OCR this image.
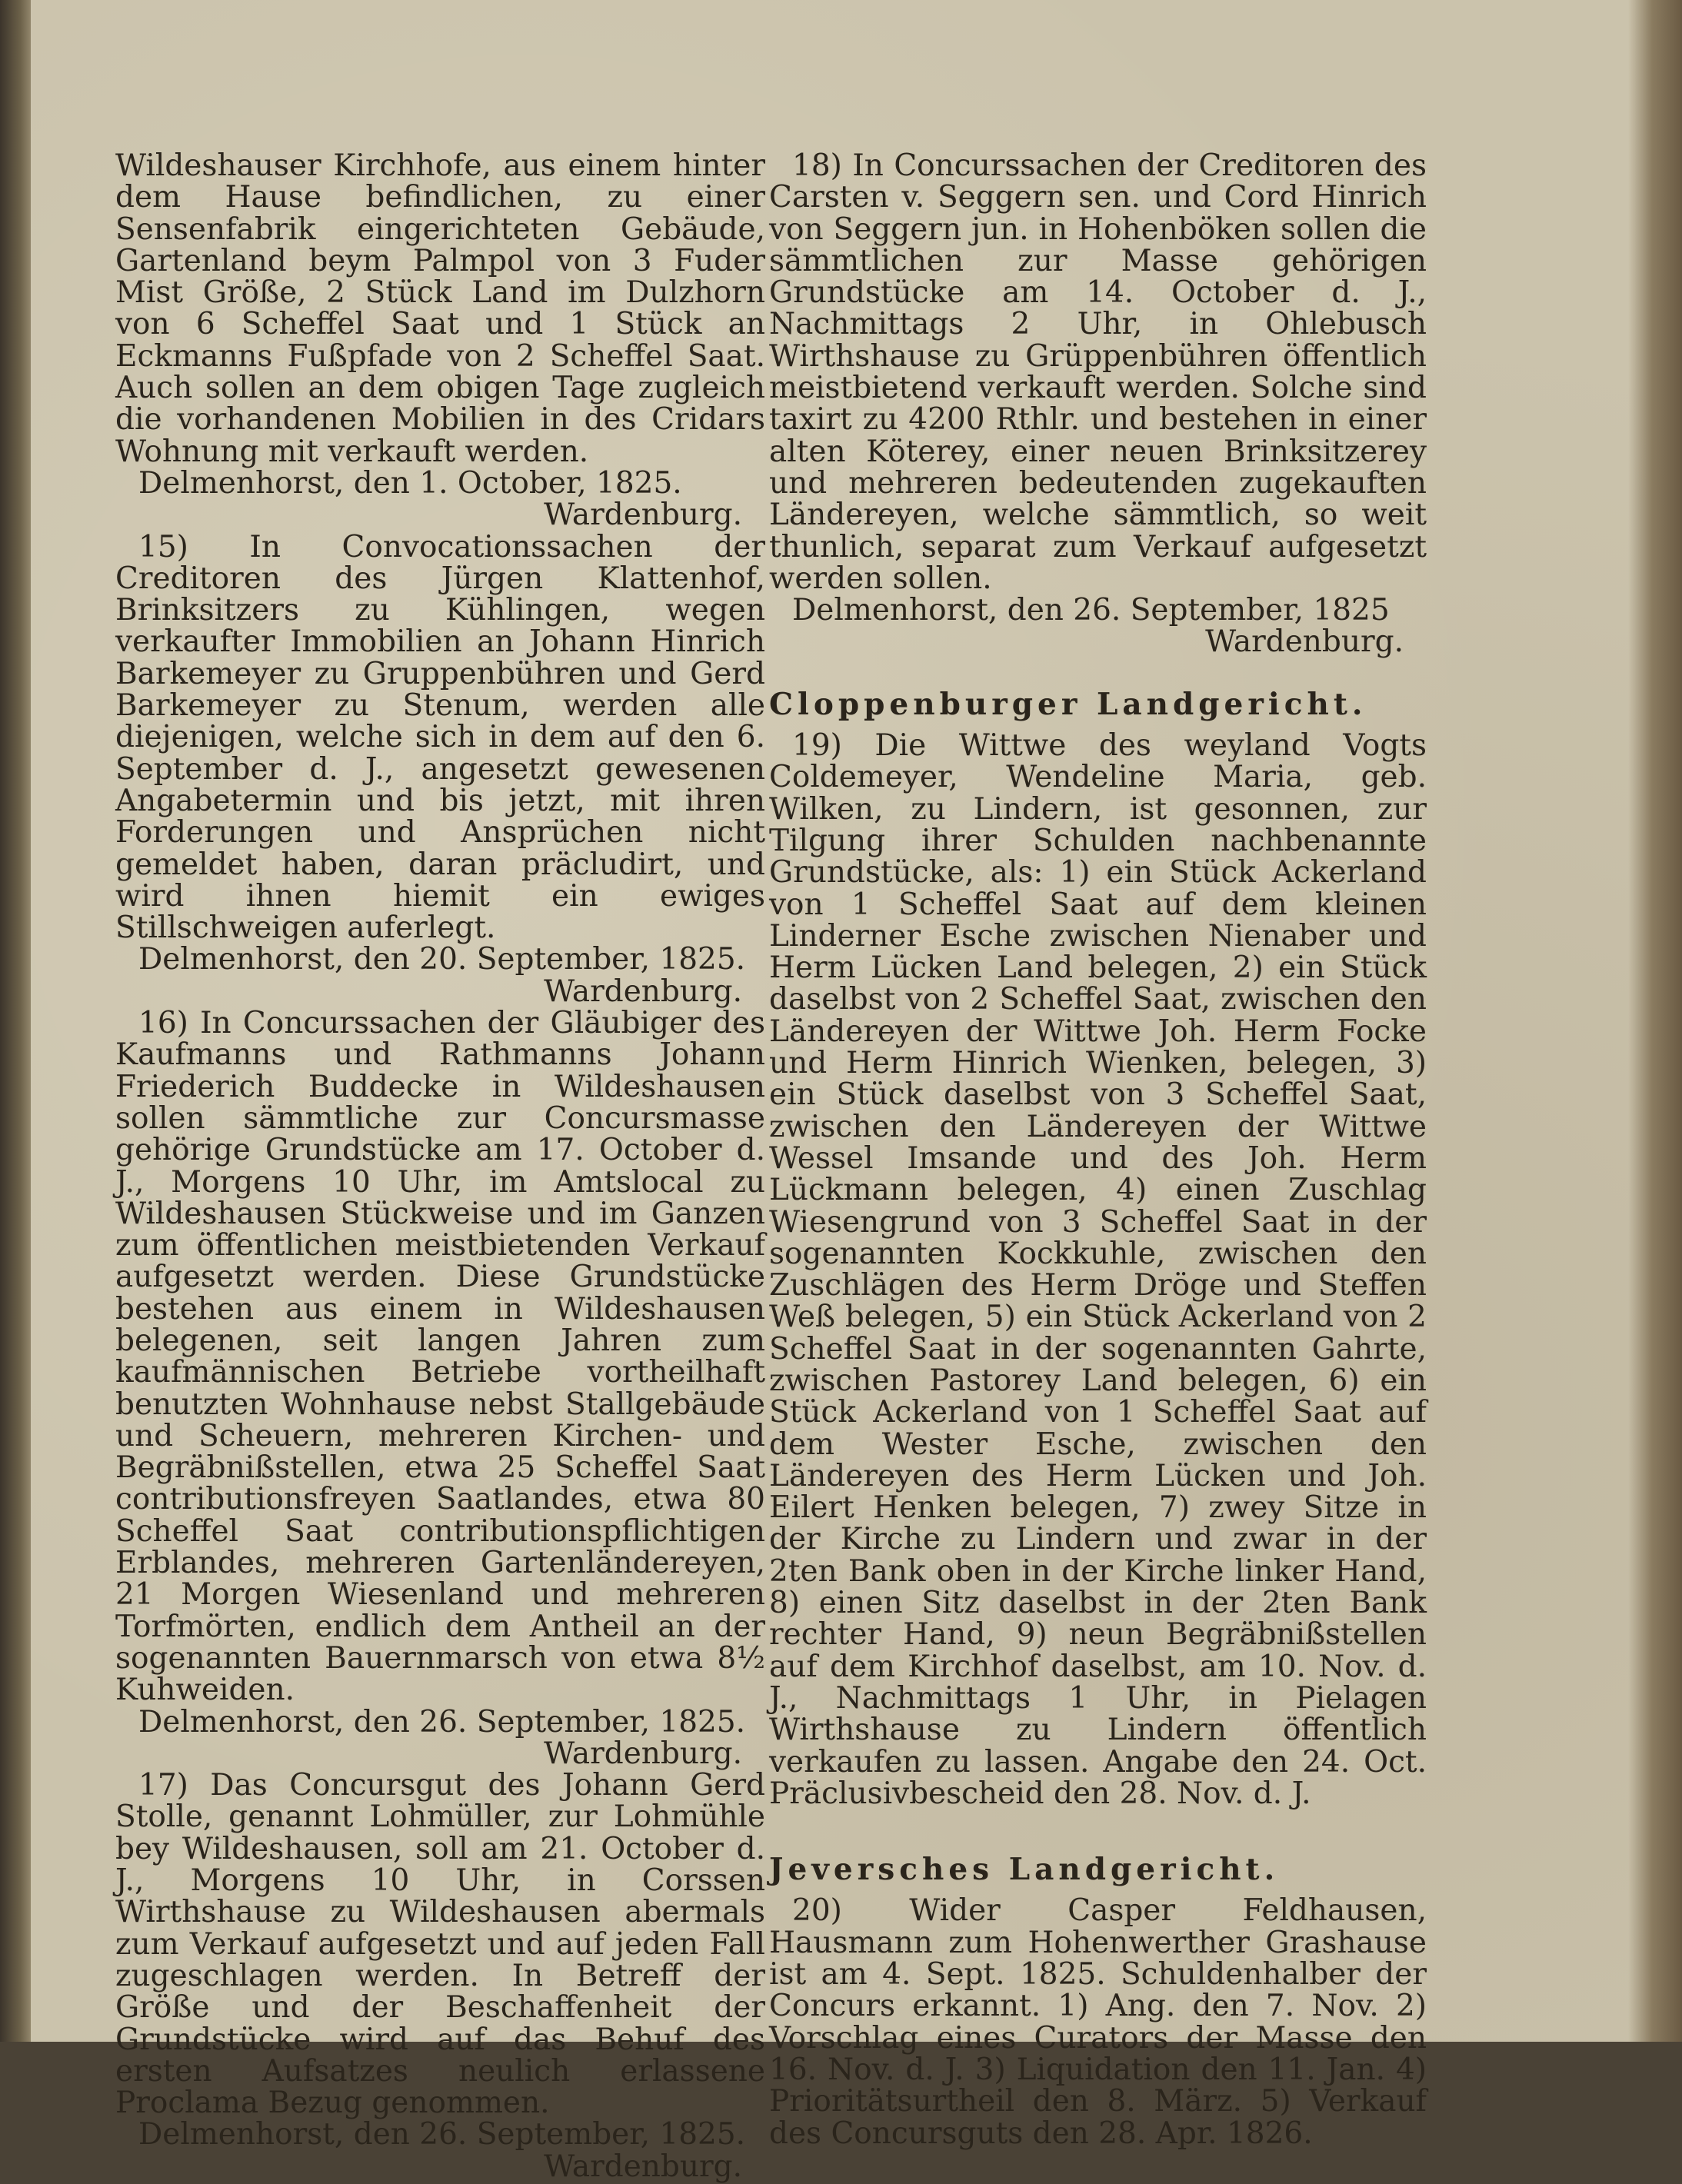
Wildeshauser Kirchhofe, aus einem hinter dem Hause befindlichen, zu einer Sensenfabrik eingerichteten Gebäude, Gartenland beym Palmpol von 3 Fuder Mist Größe, 2 Stück Land im Dulzhorn von 6 Scheffel Saat und 1 Stück an Eckmanns Fußpfade von 2 Scheffel Saat. Auch sollen an dem obigen Tage zugleich die vorhandenen Mobilien in des Cridars Wohnung mit verkauft werden.

Delmenhorst, den 1. October, 1825.

Wardenburg.

15) In Convocationssachen der Creditoren des Jürgen Klattenhof, Brinksitzers zu Kühlingen, wegen verkaufter Immobilien an Johann Hinrich Barkemeyer zu Gruppenbühren und Gerd Barkemeyer zu Stenum, werden alle diejenigen, welche sich in dem auf den 6. September d. J., angesetzt gewesenen Angabetermin und bis jetzt, mit ihren Forderungen und Ansprüchen nicht gemeldet haben, daran präcludirt, und wird ihnen hiemit ein ewiges Stillschweigen auferlegt.

Delmenhorst, den 20. September, 1825.

Wardenburg.

16) In Concurssachen der Gläubiger des Kaufmanns und Rathmanns Johann Friederich Buddecke in Wildeshausen sollen sämmtliche zur Concursmasse gehörige Grundstücke am 17. October d. J., Morgens 10 Uhr, im Amtslocal zu Wildeshausen Stückweise und im Ganzen zum öffentlichen meistbietenden Verkauf aufgesetzt werden. Diese Grundstücke bestehen aus einem in Wildeshausen belegenen, seit langen Jahren zum kaufmännischen Betriebe vortheilhaft benutzten Wohnhause nebst Stallgebäude und Scheuern, mehreren Kirchen- und Begräbnißstellen, etwa 25 Scheffel Saat contributionsfreyen Saatlandes, etwa 80 Scheffel Saat contributionspflichtigen Erblandes, mehreren Gartenländereyen, 21 Morgen Wiesenland und mehreren Torfmörten, endlich dem Antheil an der sogenannten Bauernmarsch von etwa 8½ Kuhweiden.

Delmenhorst, den 26. September, 1825.

Wardenburg.

17) Das Concursgut des Johann Gerd Stolle, genannt Lohmüller, zur Lohmühle bey Wildeshausen, soll am 21. October d. J., Morgens 10 Uhr, in Corssen Wirthshause zu Wildeshausen abermals zum Verkauf aufgesetzt und auf jeden Fall zugeschlagen werden. In Betreff der Größe und der Beschaffenheit der Grundstücke wird auf das Behuf des ersten Aufsatzes neulich erlassene Proclama Bezug genommen.

Delmenhorst, den 26. September, 1825.

Wardenburg.

18) In Concurssachen der Creditoren des Carsten v. Seggern sen. und Cord Hinrich von Seggern jun. in Hohenböken sollen die sämmtlichen zur Masse gehörigen Grundstücke am 14. October d. J., Nachmittags 2 Uhr, in Ohlebusch Wirthshause zu Grüppenbühren öffentlich meistbietend verkauft werden. Solche sind taxirt zu 4200 Rthlr. und bestehen in einer alten Köterey, einer neuen Brinksitzerey und mehreren bedeutenden zugekauften Ländereyen, welche sämmtlich, so weit thunlich, separat zum Verkauf aufgesetzt werden sollen.

Delmenhorst, den 26. September, 1825

Wardenburg.

Cloppenburger Landgericht.

19) Die Wittwe des weyland Vogts Coldemeyer, Wendeline Maria, geb. Wilken, zu Lindern, ist gesonnen, zur Tilgung ihrer Schulden nachbenannte Grundstücke, als: 1) ein Stück Ackerland von 1 Scheffel Saat auf dem kleinen Linderner Esche zwischen Nienaber und Herm Lücken Land belegen, 2) ein Stück daselbst von 2 Scheffel Saat, zwischen den Ländereyen der Wittwe Joh. Herm Focke und Herm Hinrich Wienken, belegen, 3) ein Stück daselbst von 3 Scheffel Saat, zwischen den Ländereyen der Wittwe Wessel Imsande und des Joh. Herm Lückmann belegen, 4) einen Zuschlag Wiesengrund von 3 Scheffel Saat in der sogenannten Kockkuhle, zwischen den Zuschlägen des Herm Dröge und Steffen Weß belegen, 5) ein Stück Ackerland von 2 Scheffel Saat in der sogenannten Gahrte, zwischen Pastorey Land belegen, 6) ein Stück Ackerland von 1 Scheffel Saat auf dem Wester Esche, zwischen den Ländereyen des Herm Lücken und Joh. Eilert Henken belegen, 7) zwey Sitze in der Kirche zu Lindern und zwar in der 2ten Bank oben in der Kirche linker Hand, 8) einen Sitz daselbst in der 2ten Bank rechter Hand, 9) neun Begräbnißstellen auf dem Kirchhof daselbst, am 10. Nov. d. J., Nachmittags 1 Uhr, in Pielagen Wirthshause zu Lindern öffentlich verkaufen zu lassen. Angabe den 24. Oct. Präclusivbescheid den 28. Nov. d. J.

Jeversches Landgericht.

20) Wider Casper Feldhausen, Hausmann zum Hohenwerther Grashause ist am 4. Sept. 1825. Schuldenhalber der Concurs erkannt. 1) Ang. den 7. Nov. 2) Vorschlag eines Curators der Masse den 16. Nov. d. J. 3) Liquidation den 11. Jan. 4) Prioritätsurtheil den 8. März. 5) Verkauf des Concursguts den 28. Apr. 1826.
